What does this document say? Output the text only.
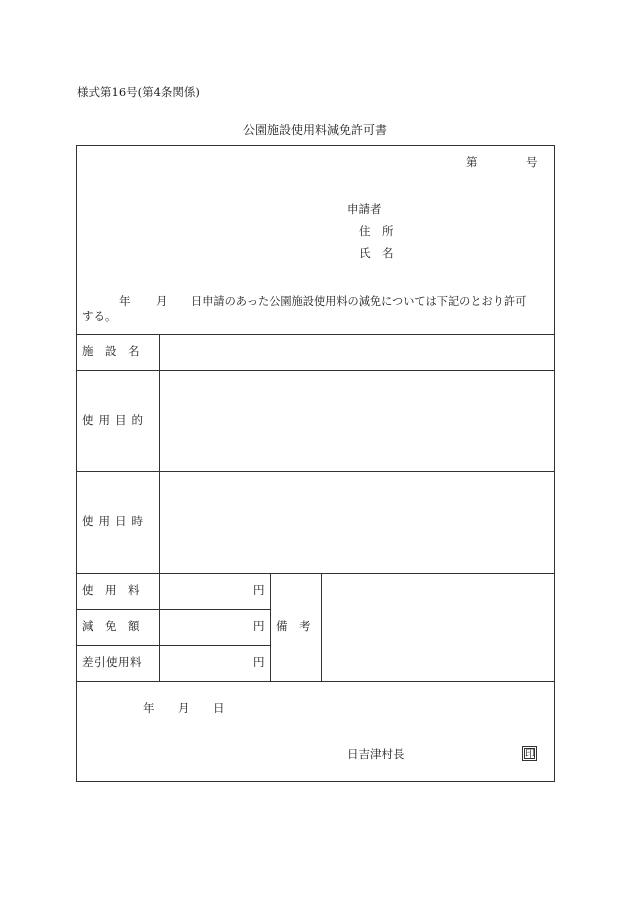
様式第16号(第4条関係)
公園施設使用料減免許可書
第	号
申請者
住　所
氏　名
年 月 日申請のあった公園施設使用料の減免については下記のとおり許可
する。
施　設　名
使用目的
使用日時
使　用　料
減　免　額
差引使用料
円
円
円
備　考
年 月 日
日吉津村長	印
